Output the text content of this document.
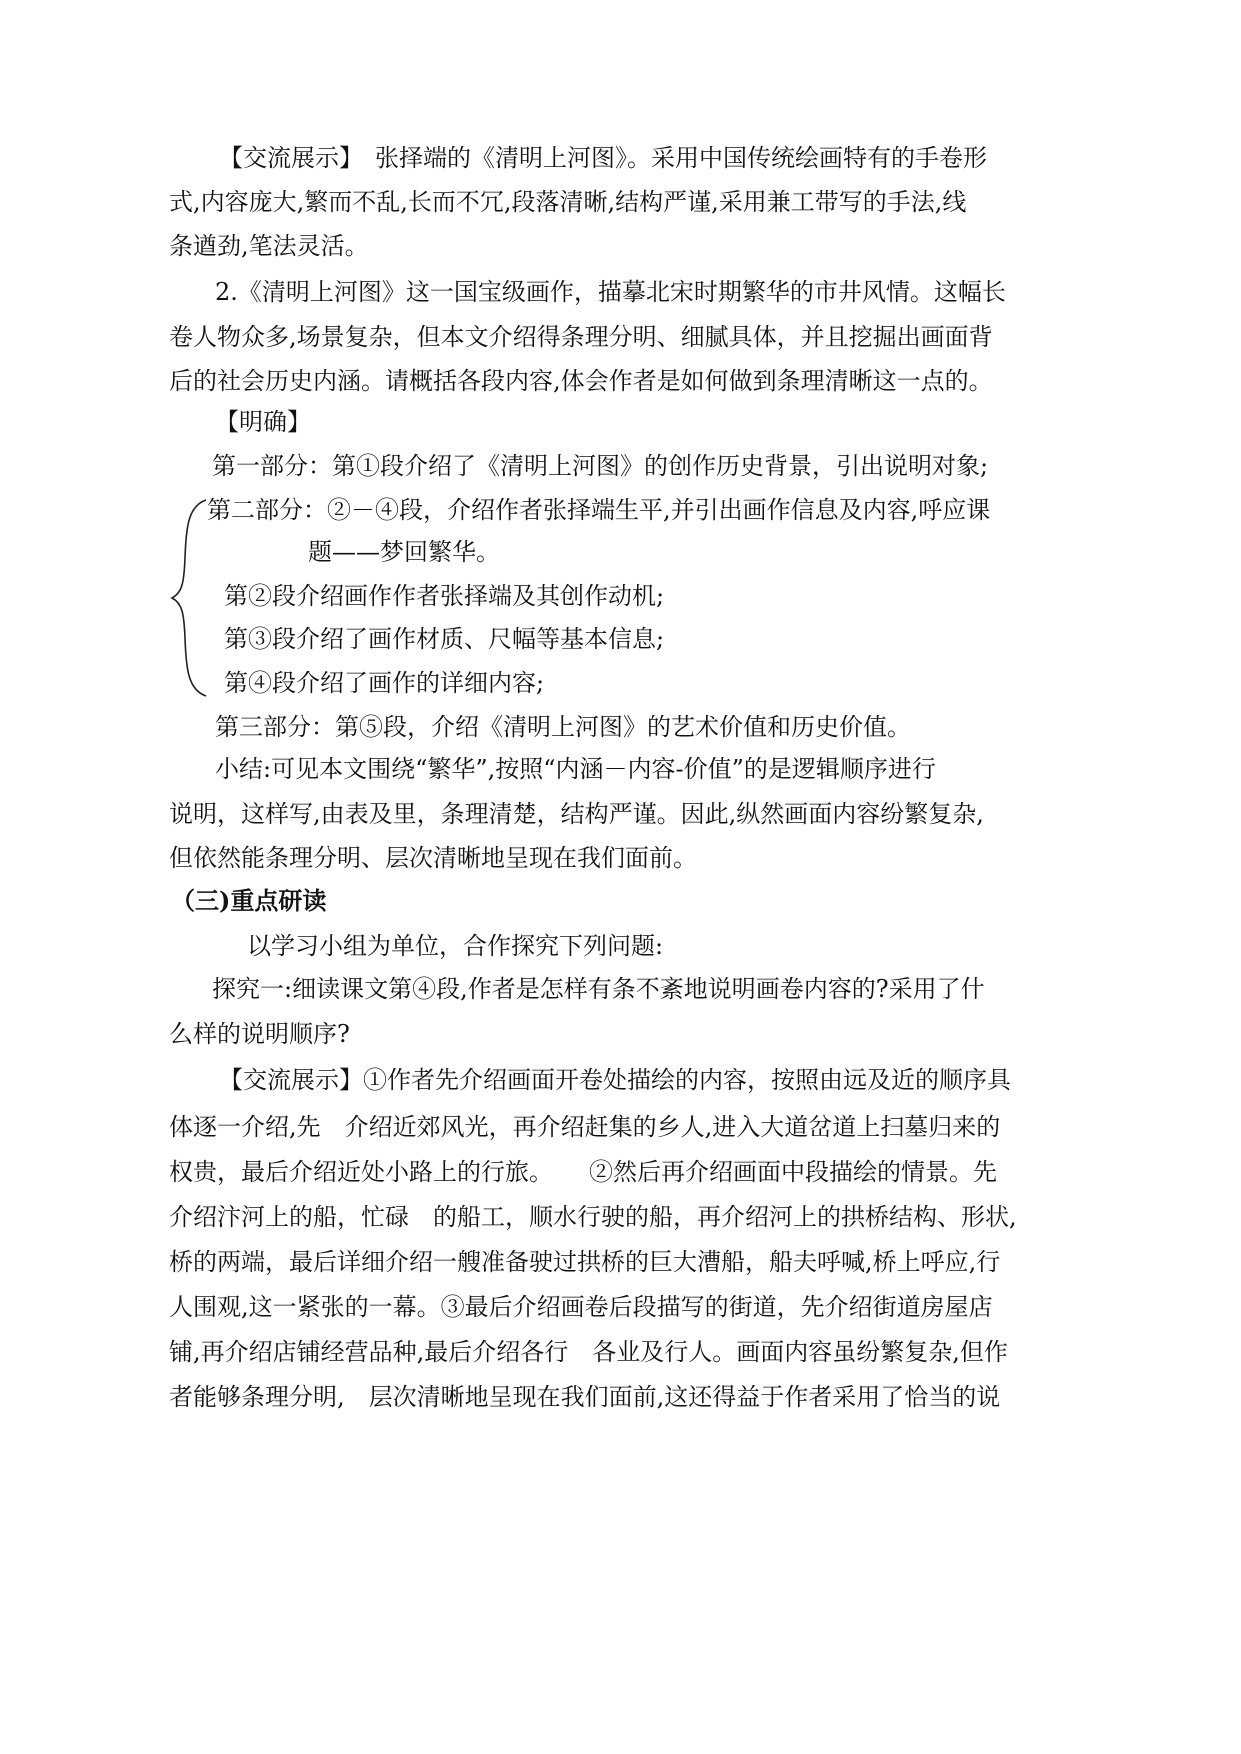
【交流展示】　张择端的《清明上河图》。采用中国传统绘画特有的手卷形
式,内容庞大,繁而不乱,长而不冗,段落清晰,结构严谨,采用兼工带写的手法,线
条遒劲,笔法灵活。
2.《清明上河图》这一国宝级画作，描摹北宋时期繁华的市井风情。这幅长
卷人物众多,场景复杂，但本文介绍得条理分明、细腻具体，并且挖掘出画面背
后的社会历史内涵。请概括各段内容,体会作者是如何做到条理清晰这一点的。
【明确】
第一部分：第①段介绍了《清明上河图》的创作历史背景，引出说明对象;
第二部分：②－④段，介绍作者张择端生平,并引出画作信息及内容,呼应课
题——梦回繁华。
第②段介绍画作作者张择端及其创作动机;
第③段介绍了画作材质、尺幅等基本信息;
第④段介绍了画作的详细内容;
第三部分：第⑤段，介绍《清明上河图》的艺术价值和历史价值。
小结:可见本文围绕“繁华”,按照“内涵－内容-价值”的是逻辑顺序进行
说明，这样写,由表及里，条理清楚，结构严谨。因此,纵然画面内容纷繁复杂,
但依然能条理分明、层次清晰地呈现在我们面前。
（三)重点研读
以学习小组为单位，合作探究下列问题:
探究一:细读课文第④段,作者是怎样有条不紊地说明画卷内容的?采用了什
么样的说明顺序?
【交流展示】①作者先介绍画面开卷处描绘的内容，按照由远及近的顺序具
体逐一介绍,先　介绍近郊风光，再介绍赶集的乡人,进入大道岔道上扫墓归来的
权贵，最后介绍近处小路上的行旅。　　②然后再介绍画面中段描绘的情景。先
介绍汴河上的船，忙碌　的船工，顺水行驶的船，再介绍河上的拱桥结构、形状,
桥的两端，最后详细介绍一艘准备驶过拱桥的巨大漕船，船夫呼喊,桥上呼应,行
人围观,这一紧张的一幕。③最后介绍画卷后段描写的街道，先介绍街道房屋店
铺,再介绍店铺经营品种,最后介绍各行　各业及行人。画面内容虽纷繁复杂,但作
者能够条理分明,　层次清晰地呈现在我们面前,这还得益于作者采用了恰当的说
